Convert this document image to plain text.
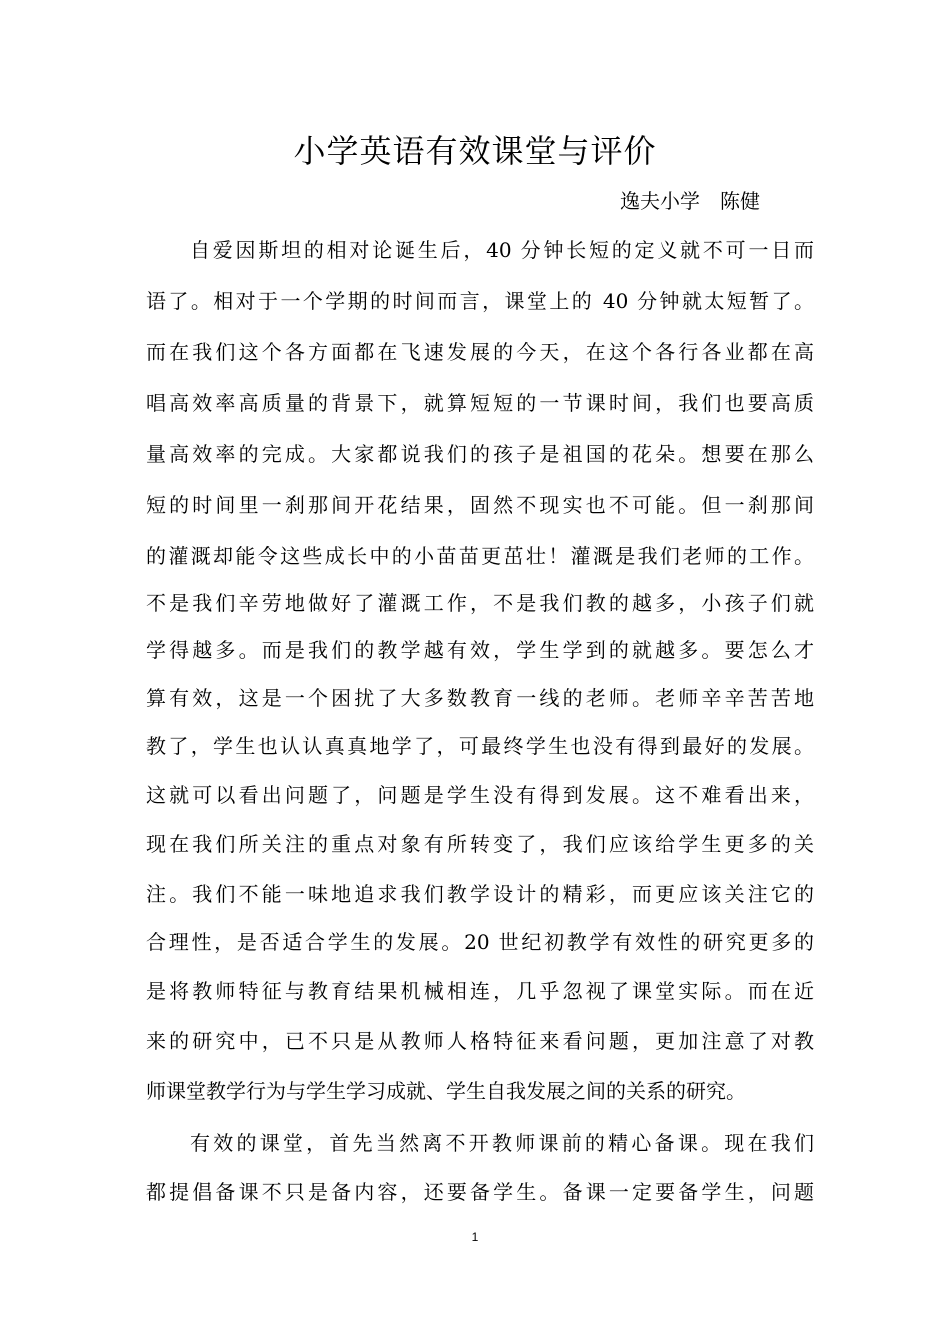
小学英语有效课堂与评价
逸夫小学　陈健
自爱因斯坦的相对论诞生后，40 分钟长短的定义就不可一日而
语了。相对于一个学期的时间而言，课堂上的 40 分钟就太短暂了。
而在我们这个各方面都在飞速发展的今天，在这个各行各业都在高
唱高效率高质量的背景下，就算短短的一节课时间，我们也要高质
量高效率的完成。大家都说我们的孩子是祖国的花朵。想要在那么
短的时间里一刹那间开花结果，固然不现实也不可能。但一刹那间
的灌溉却能令这些成长中的小苗苗更茁壮！灌溉是我们老师的工作。
不是我们辛劳地做好了灌溉工作，不是我们教的越多，小孩子们就
学得越多。而是我们的教学越有效，学生学到的就越多。要怎么才
算有效，这是一个困扰了大多数教育一线的老师。老师辛辛苦苦地
教了，学生也认认真真地学了，可最终学生也没有得到最好的发展。
这就可以看出问题了，问题是学生没有得到发展。这不难看出来，
现在我们所关注的重点对象有所转变了，我们应该给学生更多的关
注。我们不能一味地追求我们教学设计的精彩，而更应该关注它的
合理性，是否适合学生的发展。20 世纪初教学有效性的研究更多的
是将教师特征与教育结果机械相连，几乎忽视了课堂实际。而在近
来的研究中，已不只是从教师人格特征来看问题，更加注意了对教
师课堂教学行为与学生学习成就、学生自我发展之间的关系的研究。
有效的课堂，首先当然离不开教师课前的精心备课。现在我们
都提倡备课不只是备内容，还要备学生。备课一定要备学生，问题
1
